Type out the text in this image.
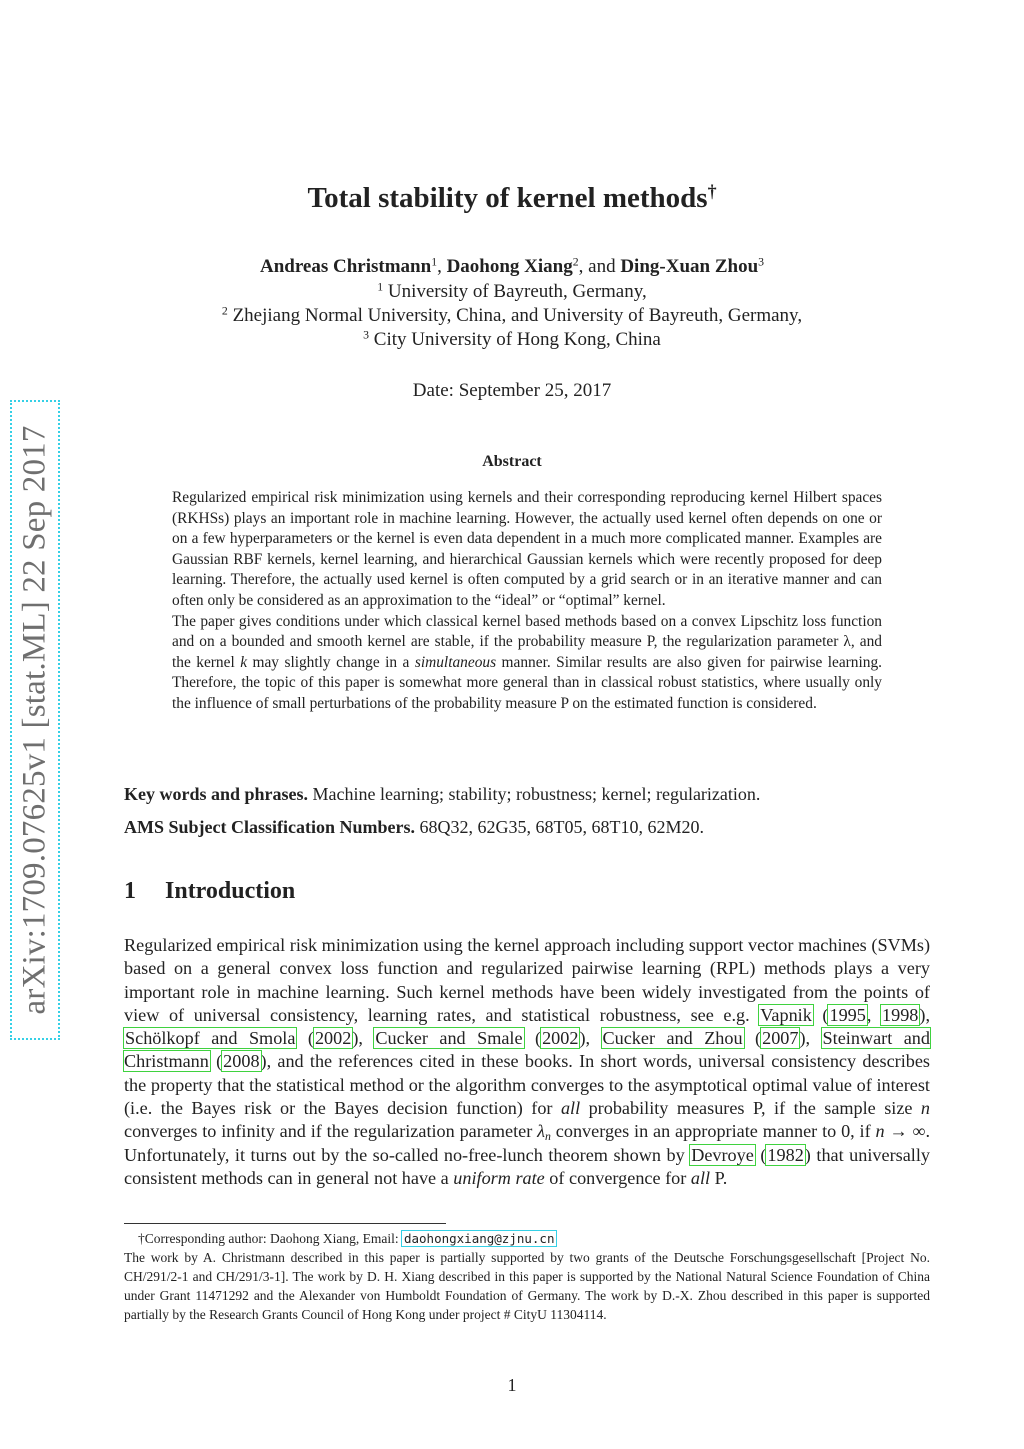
arXiv:1709.07625v1 [stat.ML] 22 Sep 2017
Total stability of kernel methods†
Andreas Christmann$^1$, Daohong Xiang$^2$, and Ding-Xuan Zhou$^3$
$^1$ University of Bayreuth, Germany,
$^2$ Zhejiang Normal University, China, and University of Bayreuth, Germany,
$^3$ City University of Hong Kong, China
Date: September 25, 2017
Abstract

Regularized empirical risk minimization using kernels and their corresponding reproducing kernel Hilbert spaces (RKHSs) plays an important role in machine learning. However, the actually used kernel often depends on one or on a few hyperparameters or the kernel is even data dependent in a much more complicated manner. Examples are Gaussian RBF kernels, kernel learning, and hierarchical Gaussian kernels which were recently proposed for deep learning. Therefore, the actually used kernel is often computed by a grid search or in an iterative manner and can often only be considered as an approximation to the “ideal” or “optimal” kernel.

The paper gives conditions under which classical kernel based methods based on a convex Lipschitz loss function and on a bounded and smooth kernel are stable, if the probability measure P, the regularization parameter λ, and the kernel k may slightly change in a simultaneous manner. Similar results are also given for pairwise learning. Therefore, the topic of this paper is somewhat more general than in classical robust statistics, where usually only the influence of small perturbations of the probability measure P on the estimated function is considered.

Key words and phrases. Machine learning; stability; robustness; kernel; regularization.
AMS Subject Classification Numbers. 68Q32, 62G35, 68T05, 68T10, 62M20.
1 Introduction

Regularized empirical risk minimization using the kernel approach including support vector machines (SVMs) based on a general convex loss function and regularized pairwise learning (RPL) methods plays a very important role in machine learning. Such kernel methods have been widely investigated from the points of view of universal consistency, learning rates, and statistical robustness, see e.g. Vapnik (1995, 1998), Schölkopf and Smola (2002), Cucker and Smale (2002), Cucker and Zhou (2007), Steinwart and Christmann (2008), and the references cited in these books. In short words, universal consistency describes the property that the statistical method or the algorithm converges to the asymptotical optimal value of interest (i.e. the Bayes risk or the Bayes decision function) for all probability measures P, if the sample size n converges to infinity and if the regularization parameter $\lambda_n$ converges in an appropriate manner to 0, if n → ∞. Unfortunately, it turns out by the so-called no-free-lunch theorem shown by Devroye (1982) that universally consistent methods can in general not have a uniform rate of convergence for all P.

†Corresponding author: Daohong Xiang, Email: daohongxiang@zjnu.cn

The work by A. Christmann described in this paper is partially supported by two grants of the Deutsche Forschungsgesellschaft [Project No. CH/291/2-1 and CH/291/3-1]. The work by D. H. Xiang described in this paper is supported by the National Natural Science Foundation of China under Grant 11471292 and the Alexander von Humboldt Foundation of Germany. The work by D.-X. Zhou described in this paper is supported partially by the Research Grants Council of Hong Kong under project # CityU 11304114.

1
